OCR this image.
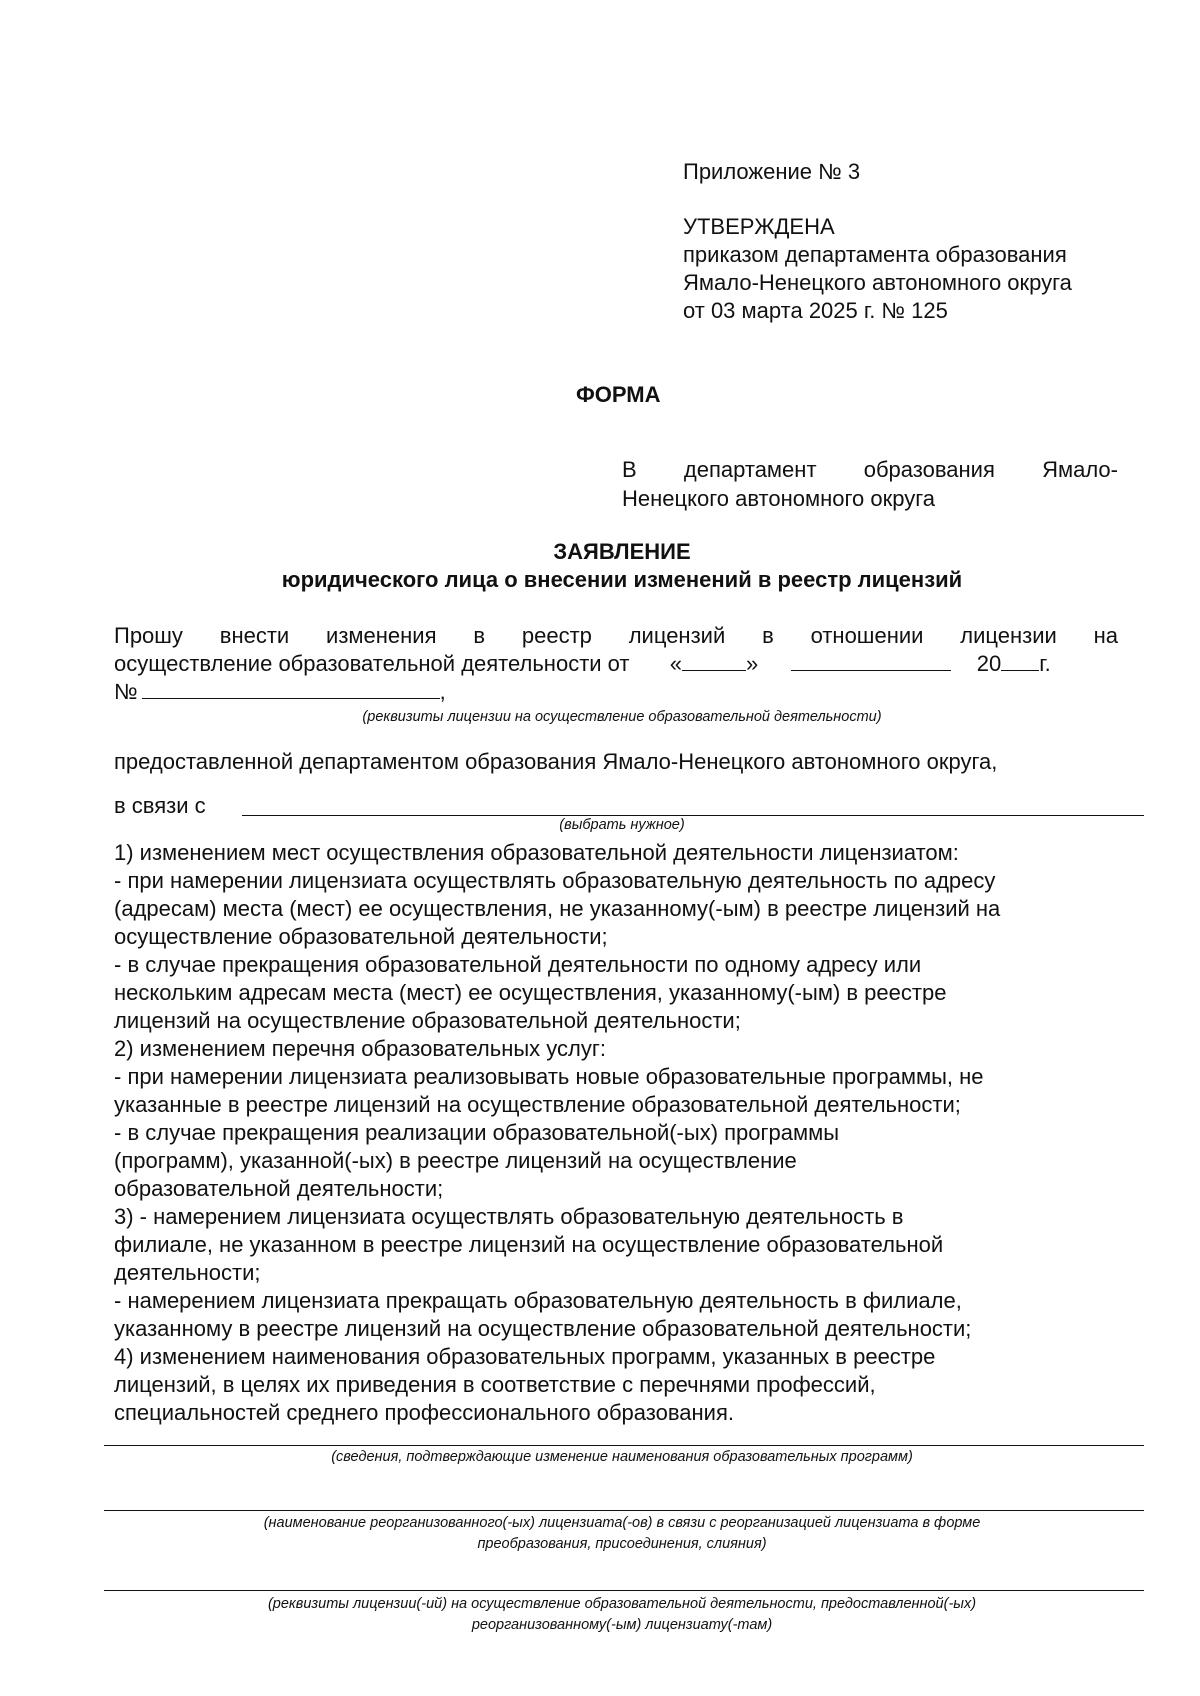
Приложение № 3
УТВЕРЖДЕНА
приказом департамента образования
Ямало-Ненецкого автономного округа
от 03 марта 2025 г. № 125
ФОРМА
В департамент образования Ямало-
Ненецкого автономного округа
ЗАЯВЛЕНИЕ
юридического лица о внесении изменений в реестр лицензий
Прошу внести изменения в реестр лицензий в отношении лицензии на
осуществление образовательной деятельности от «	»	20 г.
№	,
(реквизиты лицензии на осуществление образовательной деятельности)
предоставленной департаментом образования Ямало-Ненецкого автономного округа,
в связи с
(выбрать нужное)
1) изменением мест осуществления образовательной деятельности лицензиатом:
- при намерении лицензиата осуществлять образовательную деятельность по адресу
(адресам) места (мест) ее осуществления, не указанному(-ым) в реестре лицензий на
осуществление образовательной деятельности;
- в случае прекращения образовательной деятельности по одному адресу или
нескольким адресам места (мест) ее осуществления, указанному(-ым) в реестре
лицензий на осуществление образовательной деятельности;
2) изменением перечня образовательных услуг:
- при намерении лицензиата реализовывать новые образовательные программы, не
указанные в реестре лицензий на осуществление образовательной деятельности;
- в случае прекращения реализации образовательной(-ых) программы
(программ), указанной(-ых) в реестре лицензий на осуществление
образовательной деятельности;
3) - намерением лицензиата осуществлять образовательную деятельность в
филиале, не указанном в реестре лицензий на осуществление образовательной
деятельности;
- намерением лицензиата прекращать образовательную деятельность в филиале,
указанному в реестре лицензий на осуществление образовательной деятельности;
4) изменением наименования образовательных программ, указанных в реестре
лицензий, в целях их приведения в соответствие с перечнями профессий,
специальностей среднего профессионального образования.
(сведения, подтверждающие изменение наименования образовательных программ)
(наименование реорганизованного(-ых) лицензиата(-ов) в связи с реорганизацией лицензиата в форме
преобразования, присоединения, слияния)
(реквизиты лицензии(-ий) на осуществление образовательной деятельности, предоставленной(-ых)
реорганизованному(-ым) лицензиату(-там)
